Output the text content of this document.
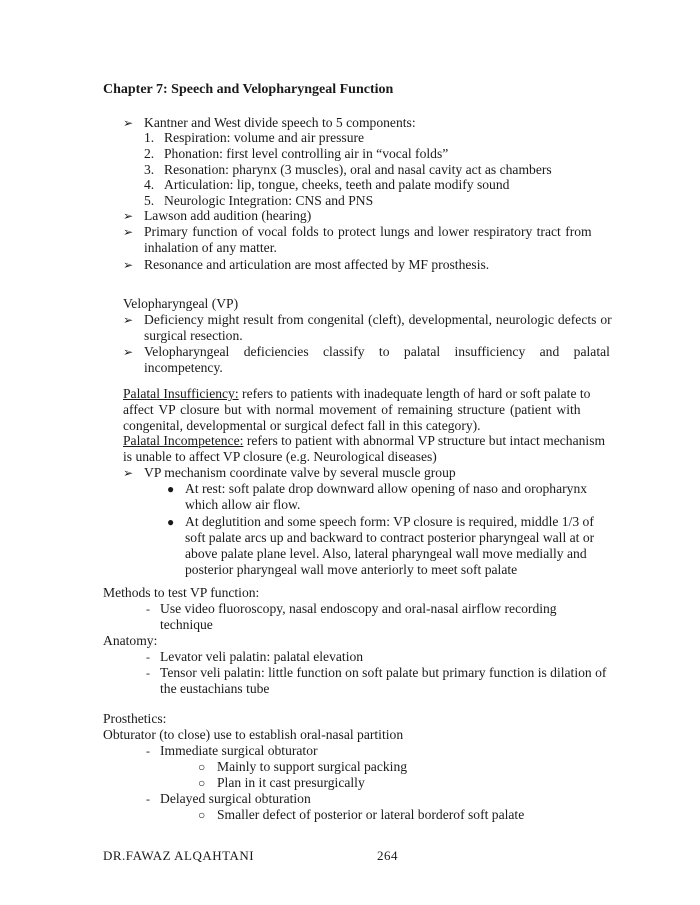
Chapter 7: Speech and Velopharyngeal Function
➢ Kantner and West divide speech to 5 components:
1. Respiration: volume and air pressure
2. Phonation: first level controlling air in “vocal folds”
3. Resonation: pharynx (3 muscles), oral and nasal cavity act as chambers
4. Articulation: lip, tongue, cheeks, teeth and palate modify sound
5. Neurologic Integration: CNS and PNS
➢ Lawson add audition (hearing)
➢ Primary function of vocal folds to protect lungs and lower respiratory tract from
inhalation of any matter.
➢ Resonance and articulation are most affected by MF prosthesis.
Velopharyngeal (VP)
➢ Deficiency might result from congenital (cleft), developmental, neurologic defects or
surgical resection.
➢ Velopharyngeal deficiencies classify to palatal insufficiency and palatal
incompetency.
Palatal Insufficiency: refers to patients with inadequate length of hard or soft palate to
affect VP closure but with normal movement of remaining structure (patient with
congenital, developmental or surgical defect fall in this category).
Palatal Incompetence: refers to patient with abnormal VP structure but intact mechanism
is unable to affect VP closure (e.g. Neurological diseases)
➢ VP mechanism coordinate valve by several muscle group
● At rest: soft palate drop downward allow opening of naso and oropharynx
which allow air flow.
● At deglutition and some speech form: VP closure is required, middle 1/3 of
soft palate arcs up and backward to contract posterior pharyngeal wall at or
above palate plane level. Also, lateral pharyngeal wall move medially and
posterior pharyngeal wall move anteriorly to meet soft palate
Methods to test VP function:
- Use video fluoroscopy, nasal endoscopy and oral-nasal airflow recording
technique
Anatomy:
- Levator veli palatin: palatal elevation
- Tensor veli palatin: little function on soft palate but primary function is dilation of
the eustachians tube
Prosthetics:
Obturator (to close) use to establish oral-nasal partition
- Immediate surgical obturator
○ Mainly to support surgical packing
○ Plan in it cast presurgically
- Delayed surgical obturation
○ Smaller defect of posterior or lateral borderof soft palate
DR.FAWAZ ALQAHTANI	264
